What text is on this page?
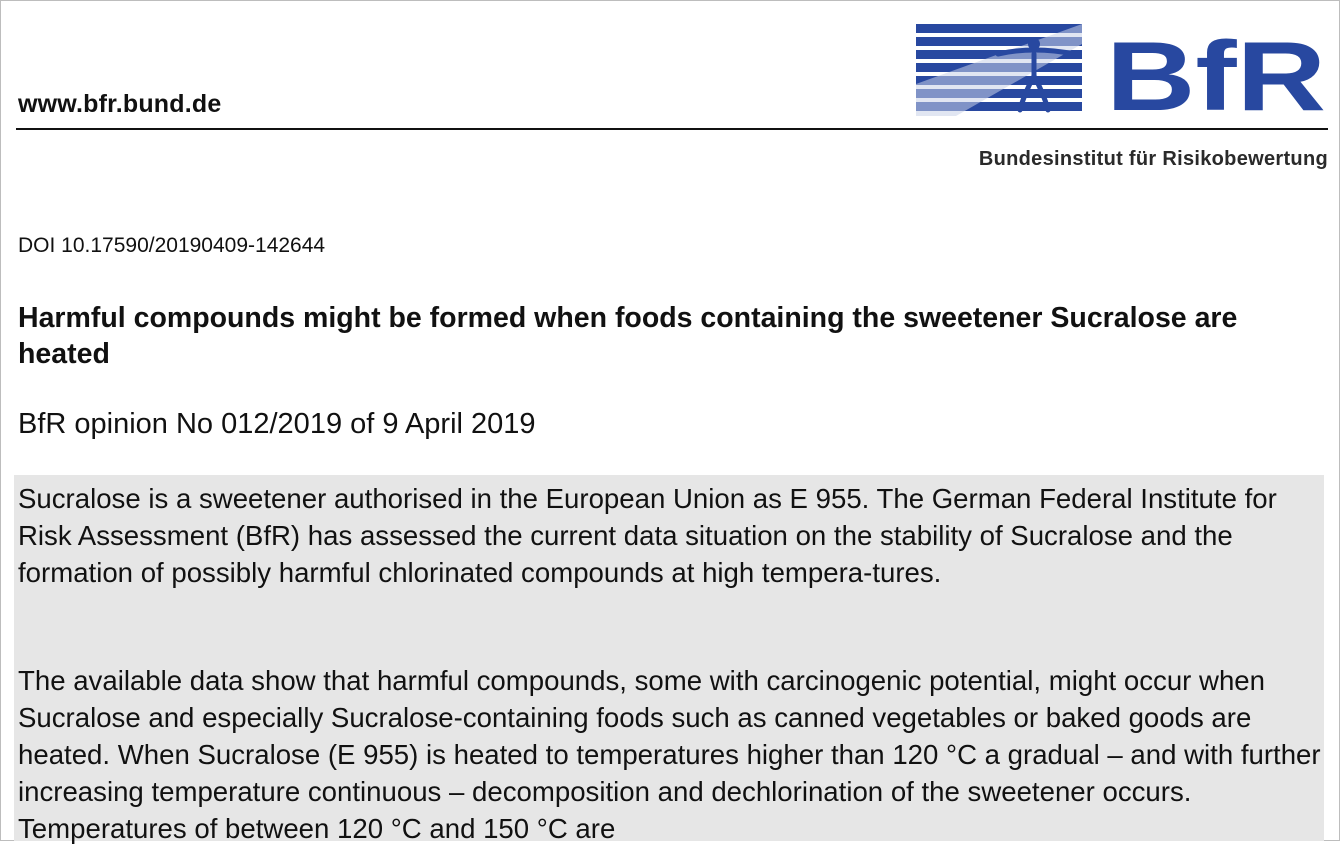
www.bfr.bund.de	BfR
Bundesinstitut für Risikobewertung
DOI 10.17590/20190409-142644
Harmful compounds might be formed when foods containing the sweetener Sucralose are heated
BfR opinion No 012/2019 of 9 April 2019
Sucralose is a sweetener authorised in the European Union as E 955. The German Federal Institute for Risk Assessment (BfR) has assessed the current data situation on the stability of Sucralose and the formation of possibly harmful chlorinated compounds at high tempera-tures.
The available data show that harmful compounds, some with carcinogenic potential, might occur when Sucralose and especially Sucralose-containing foods such as canned vegetables or baked goods are heated. When Sucralose (E 955) is heated to temperatures higher than 120 °C a gradual – and with further increasing temperature continuous – decomposition and dechlorination of the sweetener occurs. Temperatures of between 120 °C and 150 °C are
